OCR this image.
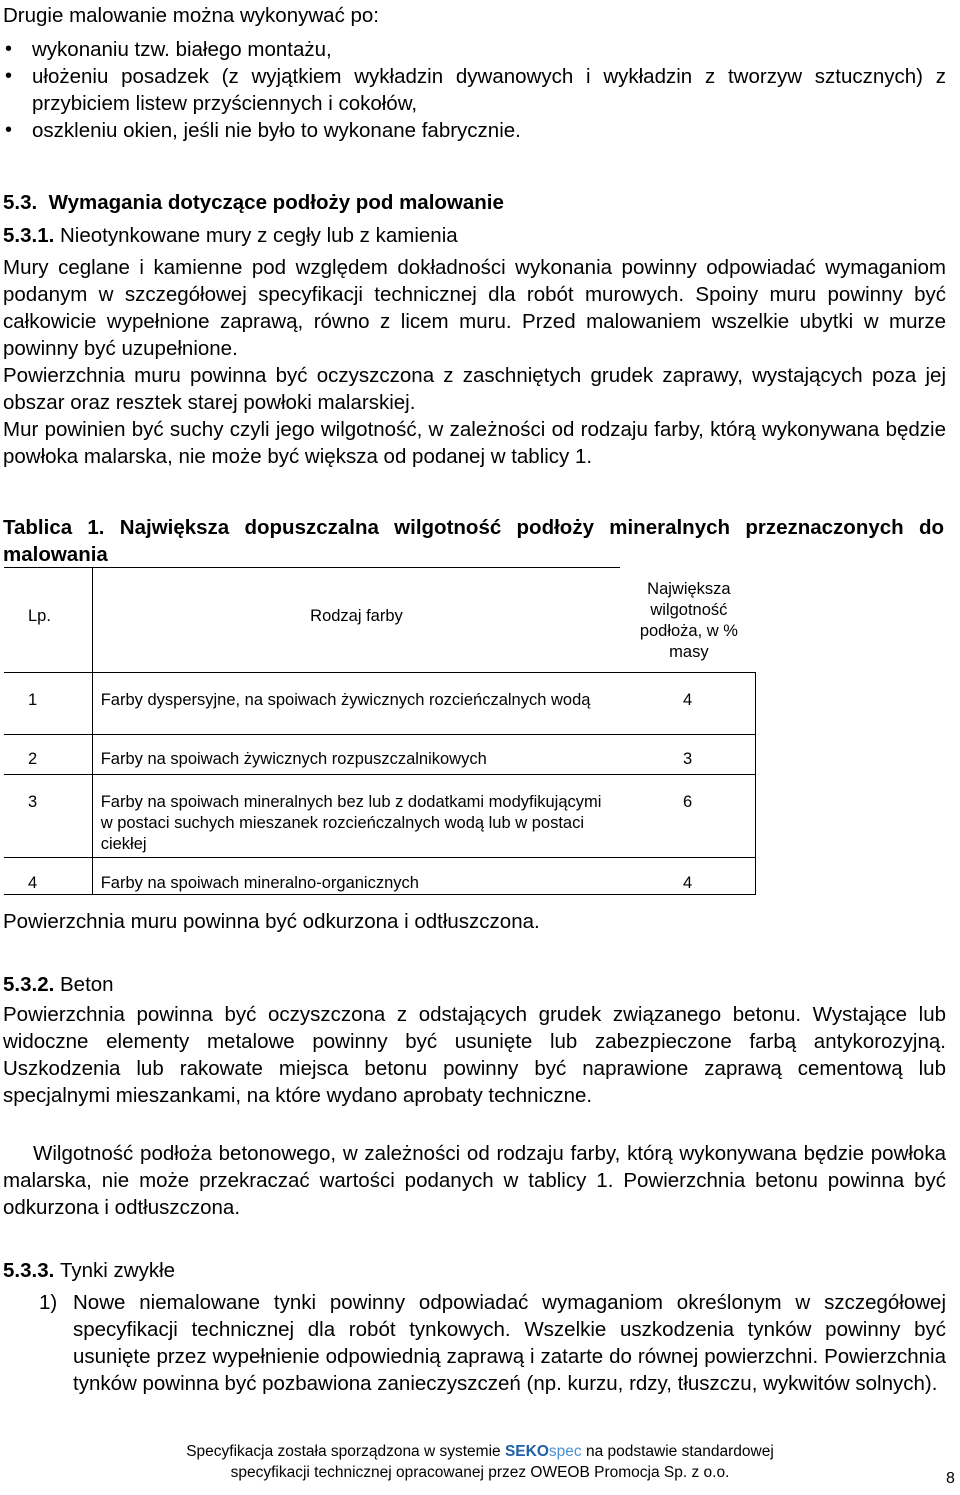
Drugie malowanie można wykonywać po:

• wykonaniu tzw. białego montażu,
• ułożeniu posadzek (z wyjątkiem wykładzin dywanowych i wykładzin z tworzyw sztucznych) z przybiciem listew przyściennych i cokołów,
• oszkleniu okien, jeśli nie było to wykonane fabrycznie.

5.3. Wymagania dotyczące podłoży pod malowanie

5.3.1. Nieotynkowane mury z cegły lub z kamienia

Mury ceglane i kamienne pod względem dokładności wykonania powinny odpowiadać wymaganiom podanym w szczegółowej specyfikacji technicznej dla robót murowych. Spoiny muru powinny być całkowicie wypełnione zaprawą, równo z licem muru. Przed malowaniem wszelkie ubytki w murze powinny być uzupełnione.

Powierzchnia muru powinna być oczyszczona z zaschniętych grudek zaprawy, wystających poza jej obszar oraz resztek starej powłoki malarskiej.

Mur powinien być suchy czyli jego wilgotność, w zależności od rodzaju farby, którą wykonywana będzie powłoka malarska, nie może być większa od podanej w tablicy 1.

Tablica 1. Największa dopuszczalna wilgotność podłoży mineralnych przeznaczonych do malowania

Lp.	Rodzaj farby	Największa wilgotność podłoża, w % masy
1	Farby dyspersyjne, na spoiwach żywicznych rozcieńczalnych wodą	4
2	Farby na spoiwach żywicznych rozpuszczalnikowych	3
3	Farby na spoiwach mineralnych bez lub z dodatkami modyfikującymi w postaci suchych mieszanek rozcieńczalnych wodą lub w postaci ciekłej	6
4	Farby na spoiwach mineralno-organicznych	4

Powierzchnia muru powinna być odkurzona i odtłuszczona.

5.3.2. Beton

Powierzchnia powinna być oczyszczona z odstających grudek związanego betonu. Wystające lub widoczne elementy metalowe powinny być usunięte lub zabezpieczone farbą antykorozyjną. Uszkodzenia lub rakowate miejsca betonu powinny być naprawione zaprawą cementową lub specjalnymi mieszankami, na które wydano aprobaty techniczne.

Wilgotność podłoża betonowego, w zależności od rodzaju farby, którą wykonywana będzie powłoka malarska, nie może przekraczać wartości podanych w tablicy 1. Powierzchnia betonu powinna być odkurzona i odtłuszczona.

5.3.3. Tynki zwykłe

1) Nowe niemalowane tynki powinny odpowiadać wymaganiom określonym w szczegółowej specyfikacji technicznej dla robót tynkowych. Wszelkie uszkodzenia tynków powinny być usunięte przez wypełnienie odpowiednią zaprawą i zatarte do równej powierzchni. Powierzchnia tynków powinna być pozbawiona zanieczyszczeń (np. kurzu, rdzy, tłuszczu, wykwitów solnych).
Specyfikacja została sporządzona w systemie SEKOspec na podstawie standardowej
specyfikacji technicznej opracowanej przez OWEOB Promocja Sp. z o.o.	8
